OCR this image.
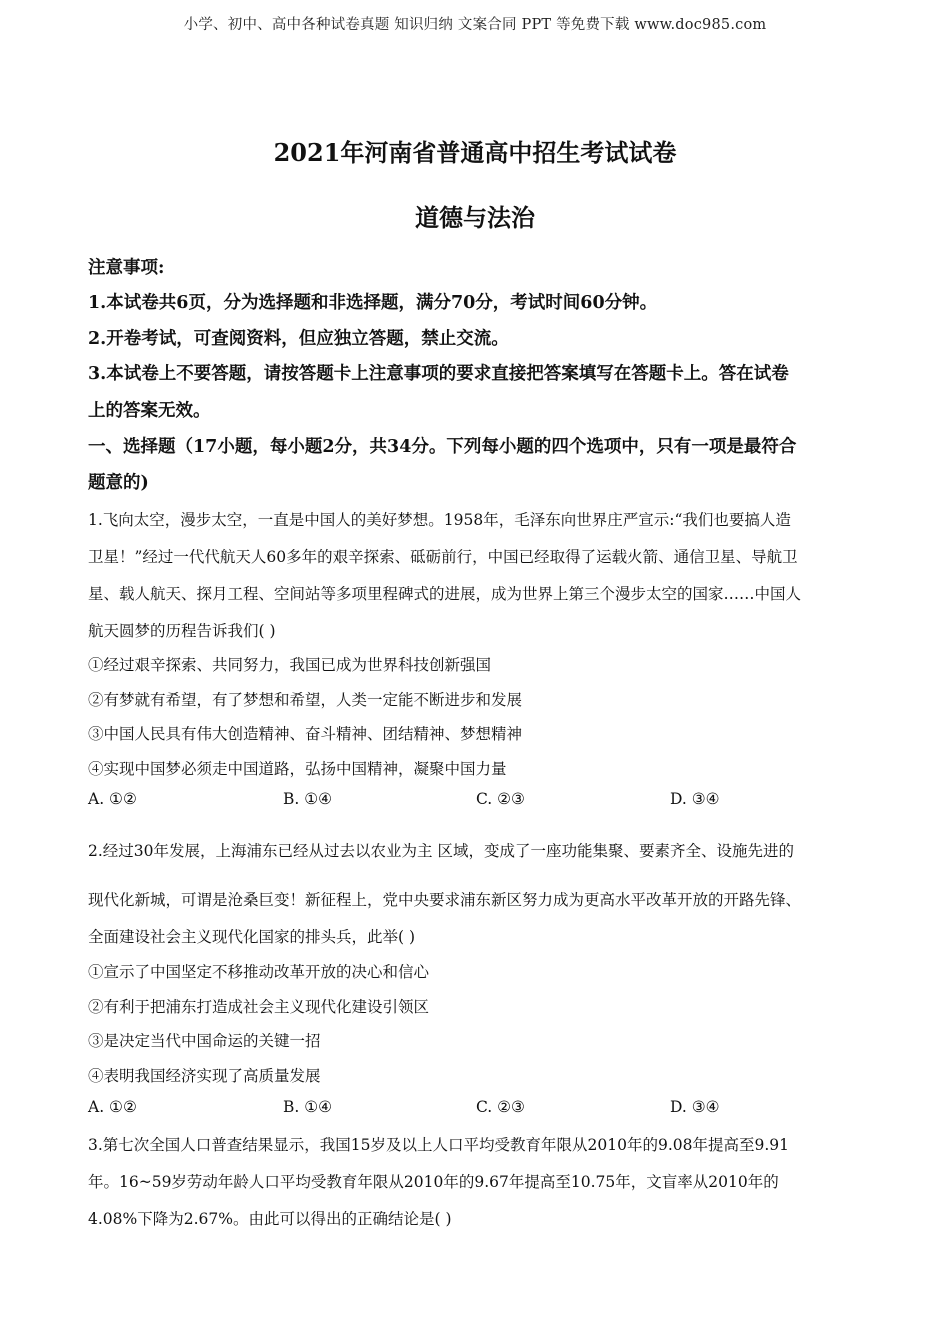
小学、初中、高中各种试卷真题 知识归纳 文案合同 PPT 等免费下载 www.doc985.com
2021年河南省普通高中招生考试试卷
道德与法治
注意事项:
1.本试卷共6页，分为选择题和非选择题，满分70分，考试时间60分钟。
2.开卷考试，可查阅资料，但应独立答题，禁止交流。
3.本试卷上不要答题，请按答题卡上注意事项的要求直接把答案填写在答题卡上。答在试卷
上的答案无效。
一、选择题（17小题，每小题2分，共34分。下列每小题的四个选项中，只有一项是最符合
题意的)
1.飞向太空，漫步太空，一直是中国人的美好梦想。1958年，毛泽东向世界庄严宣示:“我们也要搞人造
卫星！”经过一代代航天人60多年的艰辛探索、砥砺前行，中国已经取得了运载火箭、通信卫星、导航卫
星、载人航天、探月工程、空间站等多项里程碑式的进展，成为世界上第三个漫步太空的国家……中国人
航天圆梦的历程告诉我们( )
①经过艰辛探索、共同努力，我国已成为世界科技创新强国
②有梦就有希望，有了梦想和希望，人类一定能不断进步和发展
③中国人民具有伟大创造精神、奋斗精神、团结精神、梦想精神
④实现中国梦必须走中国道路，弘扬中国精神，凝聚中国力量
A. ①②	B. ①④	C. ②③	D. ③④
2.经过30年发展，上海浦东已经从过去以农业为主 区域，变成了一座功能集聚、要素齐全、设施先进的
现代化新城，可谓是沧桑巨变！新征程上，党中央要求浦东新区努力成为更高水平改革开放的开路先锋、
全面建设社会主义现代化国家的排头兵，此举( )
①宣示了中国坚定不移推动改革开放的决心和信心
②有利于把浦东打造成社会主义现代化建设引领区
③是决定当代中国命运的关键一招
④表明我国经济实现了高质量发展
A. ①②	B. ①④	C. ②③	D. ③④
3.第七次全国人口普查结果显示，我国15岁及以上人口平均受教育年限从2010年的9.08年提高至9.91
年。16~59岁劳动年龄人口平均受教育年限从2010年的9.67年提高至10.75年，文盲率从2010年的
4.08%下降为2.67%。由此可以得出的正确结论是( )
